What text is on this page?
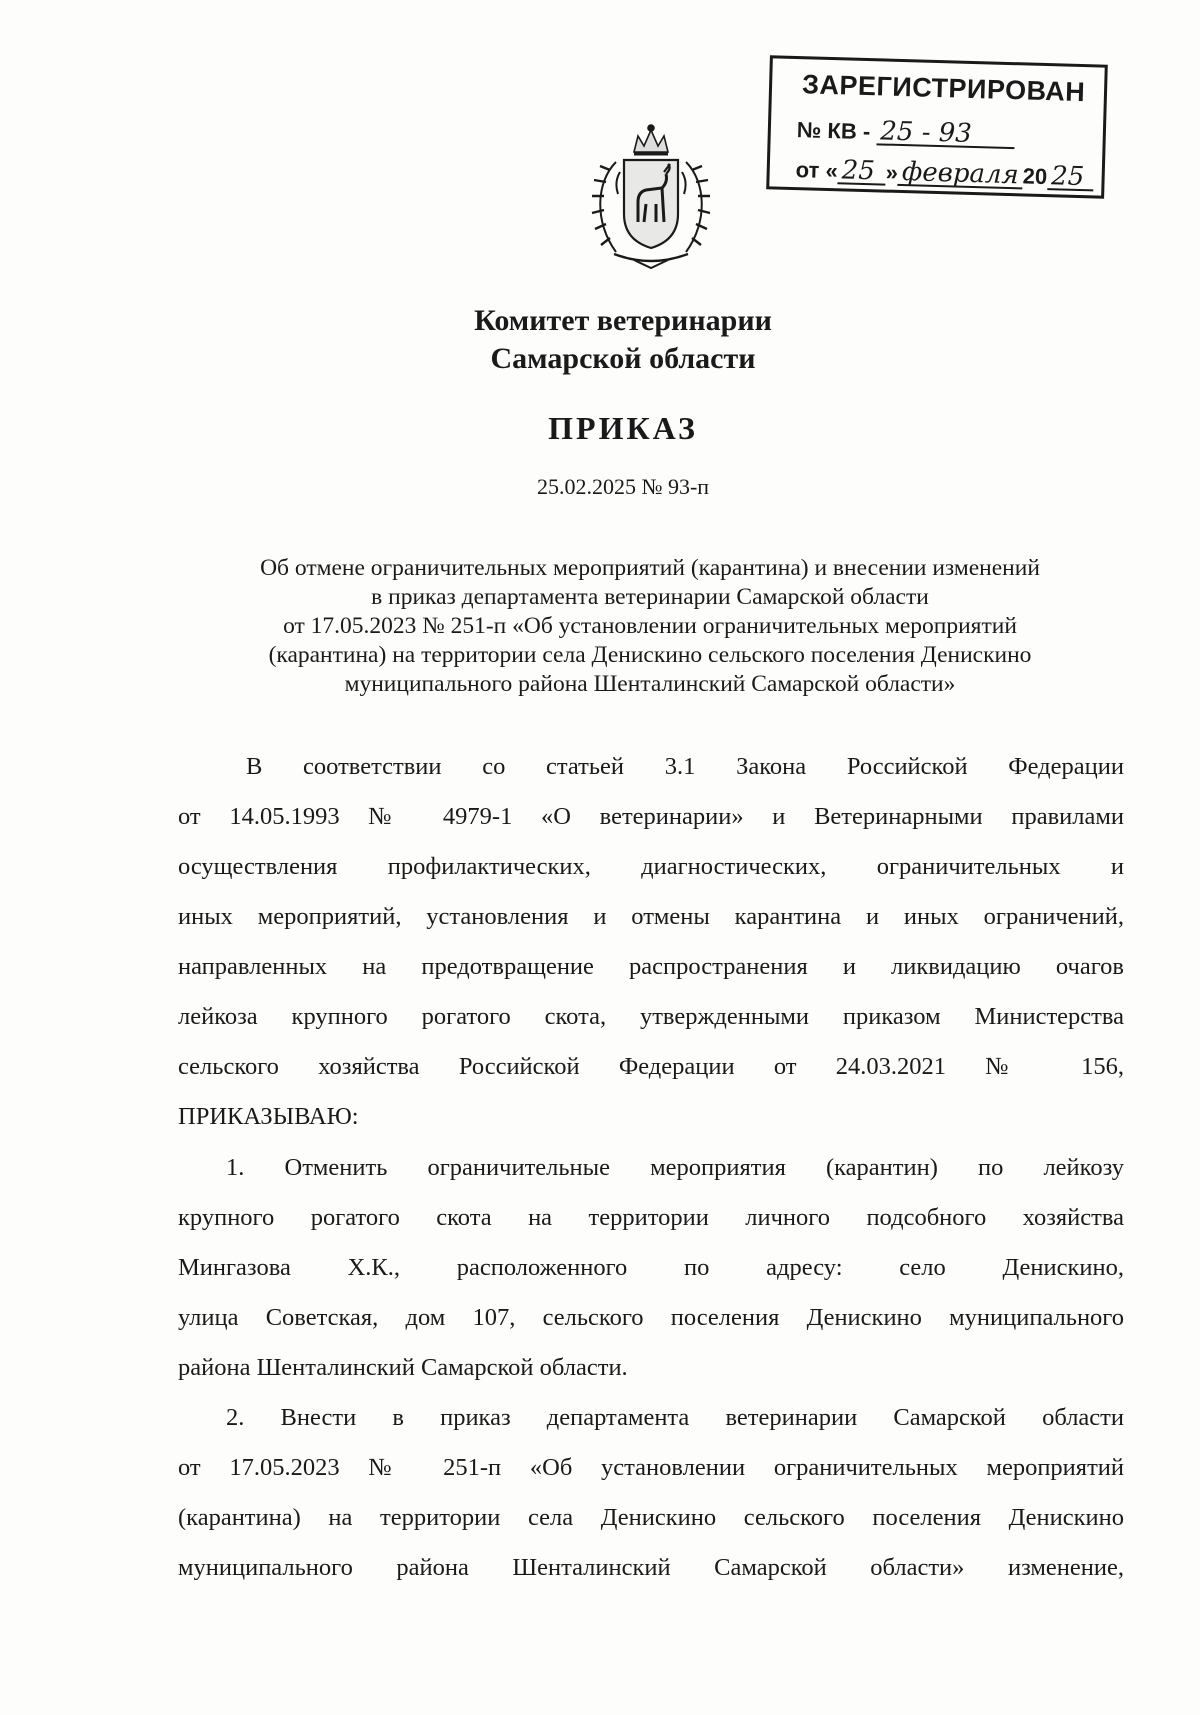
ЗАРЕГИСТРИРОВАН
№ КВ - 25 - 93
от « 25 » февраля 20 25
Комитет ветеринарии
Самарской области
ПРИКАЗ
25.02.2025 № 93-п
Об отмене ограничительных мероприятий (карантина) и внесении изменений
в приказ департамента ветеринарии Самарской области
от 17.05.2023 № 251-п «Об установлении ограничительных мероприятий
(карантина) на территории села Денискино сельского поселения Денискино
муниципального района Шенталинский Самарской области»
В соответствии со статьей 3.1 Закона Российской Федерации
от 14.05.1993 № 4979-1 «О ветеринарии» и Ветеринарными правилами
осуществления профилактических, диагностических, ограничительных и
иных мероприятий, установления и отмены карантина и иных ограничений,
направленных на предотвращение распространения и ликвидацию очагов
лейкоза крупного рогатого скота, утвержденными приказом Министерства
сельского хозяйства Российской Федерации от 24.03.2021 № 156,
ПРИКАЗЫВАЮ:
1. Отменить ограничительные мероприятия (карантин) по лейкозу
крупного рогатого скота на территории личного подсобного хозяйства
Мингазова Х.К., расположенного по адресу: село Денискино,
улица Советская, дом 107, сельского поселения Денискино муниципального
района Шенталинский Самарской области.
2. Внести в приказ департамента ветеринарии Самарской области
от 17.05.2023 № 251-п «Об установлении ограничительных мероприятий
(карантина) на территории села Денискино сельского поселения Денискино
муниципального района Шенталинский Самарской области» изменение,
